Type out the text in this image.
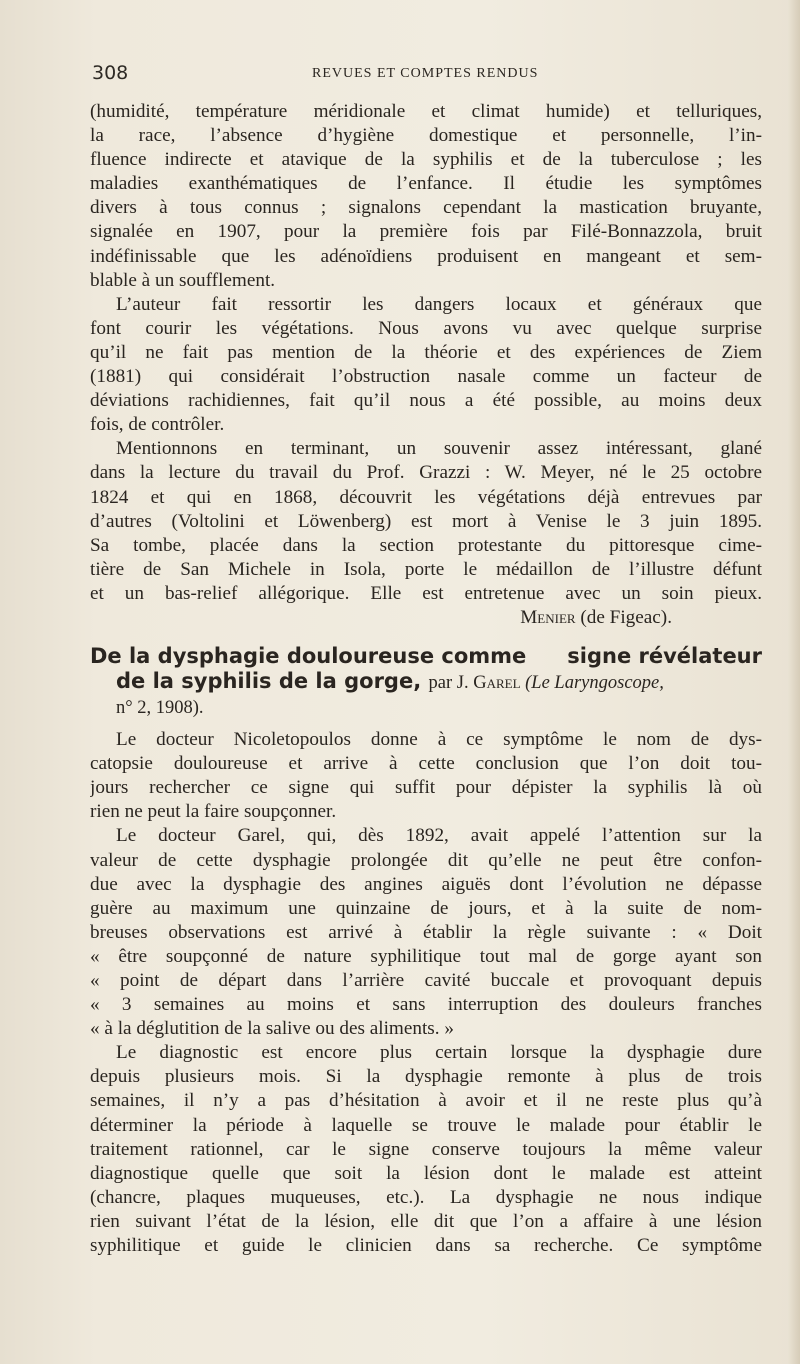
308	REVUES ET COMPTES RENDUS
(humidité, température méridionale et climat humide) et telluriques,
la race, l’absence d’hygiène domestique et personnelle, l’in-
fluence indirecte et atavique de la syphilis et de la tuberculose ; les
maladies exanthématiques de l’enfance. Il étudie les symptômes
divers à tous connus ; signalons cependant la mastication bruyante,
signalée en 1907, pour la première fois par Filé-Bonnazzola, bruit
indéfinissable que les adénoïdiens produisent en mangeant et sem-
blable à un soufflement.
L’auteur fait ressortir les dangers locaux et généraux que
font courir les végétations. Nous avons vu avec quelque surprise
qu’il ne fait pas mention de la théorie et des expériences de Ziem
(1881) qui considérait l’obstruction nasale comme un facteur de
déviations rachidiennes, fait qu’il nous a été possible, au moins deux
fois, de contrôler.
Mentionnons en terminant, un souvenir assez intéressant, glané
dans la lecture du travail du Prof. Grazzi : W. Meyer, né le 25 octobre
1824 et qui en 1868, découvrit les végétations déjà entrevues par
d’autres (Voltolini et Löwenberg) est mort à Venise le 3 juin 1895.
Sa tombe, placée dans la section protestante du pittoresque cime-
tière de San Michele in Isola, porte le médaillon de l’illustre défunt
et un bas-relief allégorique. Elle est entretenue avec un soin pieux.
Menier (de Figeac).
De la dysphagie douloureuse comme signe révélateur
de la syphilis de la gorge, par J. Garel (Le Laryngoscope,
n° 2, 1908).
Le docteur Nicoletopoulos donne à ce symptôme le nom de dys-
catopsie douloureuse et arrive à cette conclusion que l’on doit tou-
jours rechercher ce signe qui suffit pour dépister la syphilis là où
rien ne peut la faire soupçonner.
Le docteur Garel, qui, dès 1892, avait appelé l’attention sur la
valeur de cette dysphagie prolongée dit qu’elle ne peut être confon-
due avec la dysphagie des angines aiguës dont l’évolution ne dépasse
guère au maximum une quinzaine de jours, et à la suite de nom-
breuses observations est arrivé à établir la règle suivante : « Doit
« être soupçonné de nature syphilitique tout mal de gorge ayant son
« point de départ dans l’arrière cavité buccale et provoquant depuis
« 3 semaines au moins et sans interruption des douleurs franches
« à la déglutition de la salive ou des aliments. »
Le diagnostic est encore plus certain lorsque la dysphagie dure
depuis plusieurs mois. Si la dysphagie remonte à plus de trois
semaines, il n’y a pas d’hésitation à avoir et il ne reste plus qu’à
déterminer la période à laquelle se trouve le malade pour établir le
traitement rationnel, car le signe conserve toujours la même valeur
diagnostique quelle que soit la lésion dont le malade est atteint
(chancre, plaques muqueuses, etc.). La dysphagie ne nous indique
rien suivant l’état de la lésion, elle dit que l’on a affaire à une lésion
syphilitique et guide le clinicien dans sa recherche. Ce symptôme
